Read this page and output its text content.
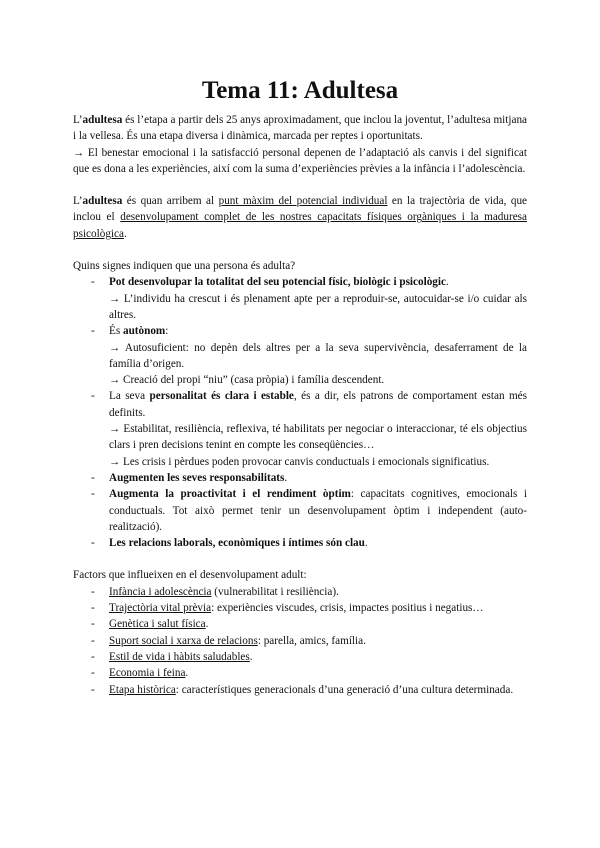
Tema 11: Adultesa

L’adultesa és l’etapa a partir dels 25 anys aproximadament, que inclou la joventut, l’adultesa mitjana i la vellesa. És una etapa diversa i dinàmica, marcada per reptes i oportunitats.

→ El benestar emocional i la satisfacció personal depenen de l’adaptació als canvis i del significat que es dona a les experiències, així com la suma d’experiències prèvies a la infància i l’adolescència.

L’adultesa és quan arribem al punt màxim del potencial individual en la trajectòria de vida, que inclou el desenvolupament complet de les nostres capacitats físiques orgàniques i la maduresa psicològica.

Quins signes indiquen que una persona és adulta?

- Pot desenvolupar la totalitat del seu potencial físic, biològic i psicològic.
→ L’individu ha crescut i és plenament apte per a reproduir-se, autocuidar-se i/o cuidar als altres.
- És autònom:
→ Autosuficient: no depèn dels altres per a la seva supervivència, desaferrament de la família d’origen.
→ Creació del propi “niu” (casa pròpia) i família descendent.
- La seva personalitat és clara i estable, és a dir, els patrons de comportament estan més definits.
→ Estabilitat, resiliència, reflexiva, té habilitats per negociar o interaccionar, té els objectius clars i pren decisions tenint en compte les conseqüències…
→ Les crisis i pèrdues poden provocar canvis conductuals i emocionals significatius.
- Augmenten les seves responsabilitats.
- Augmenta la proactivitat i el rendiment òptim: capacitats cognitives, emocionals i conductuals. Tot això permet tenir un desenvolupament òptim i independent (auto-realització).
- Les relacions laborals, econòmiques i íntimes són clau.

Factors que influeixen en el desenvolupament adult:

- Infància i adolescència (vulnerabilitat i resiliència).
- Trajectòria vital prèvia: experiències viscudes, crisis, impactes positius i negatius…
- Genètica i salut física.
- Suport social i xarxa de relacions: parella, amics, família.
- Estil de vida i hàbits saludables.
- Economia i feina.
- Etapa històrica: característiques generacionals d’una generació d’una cultura determinada.
